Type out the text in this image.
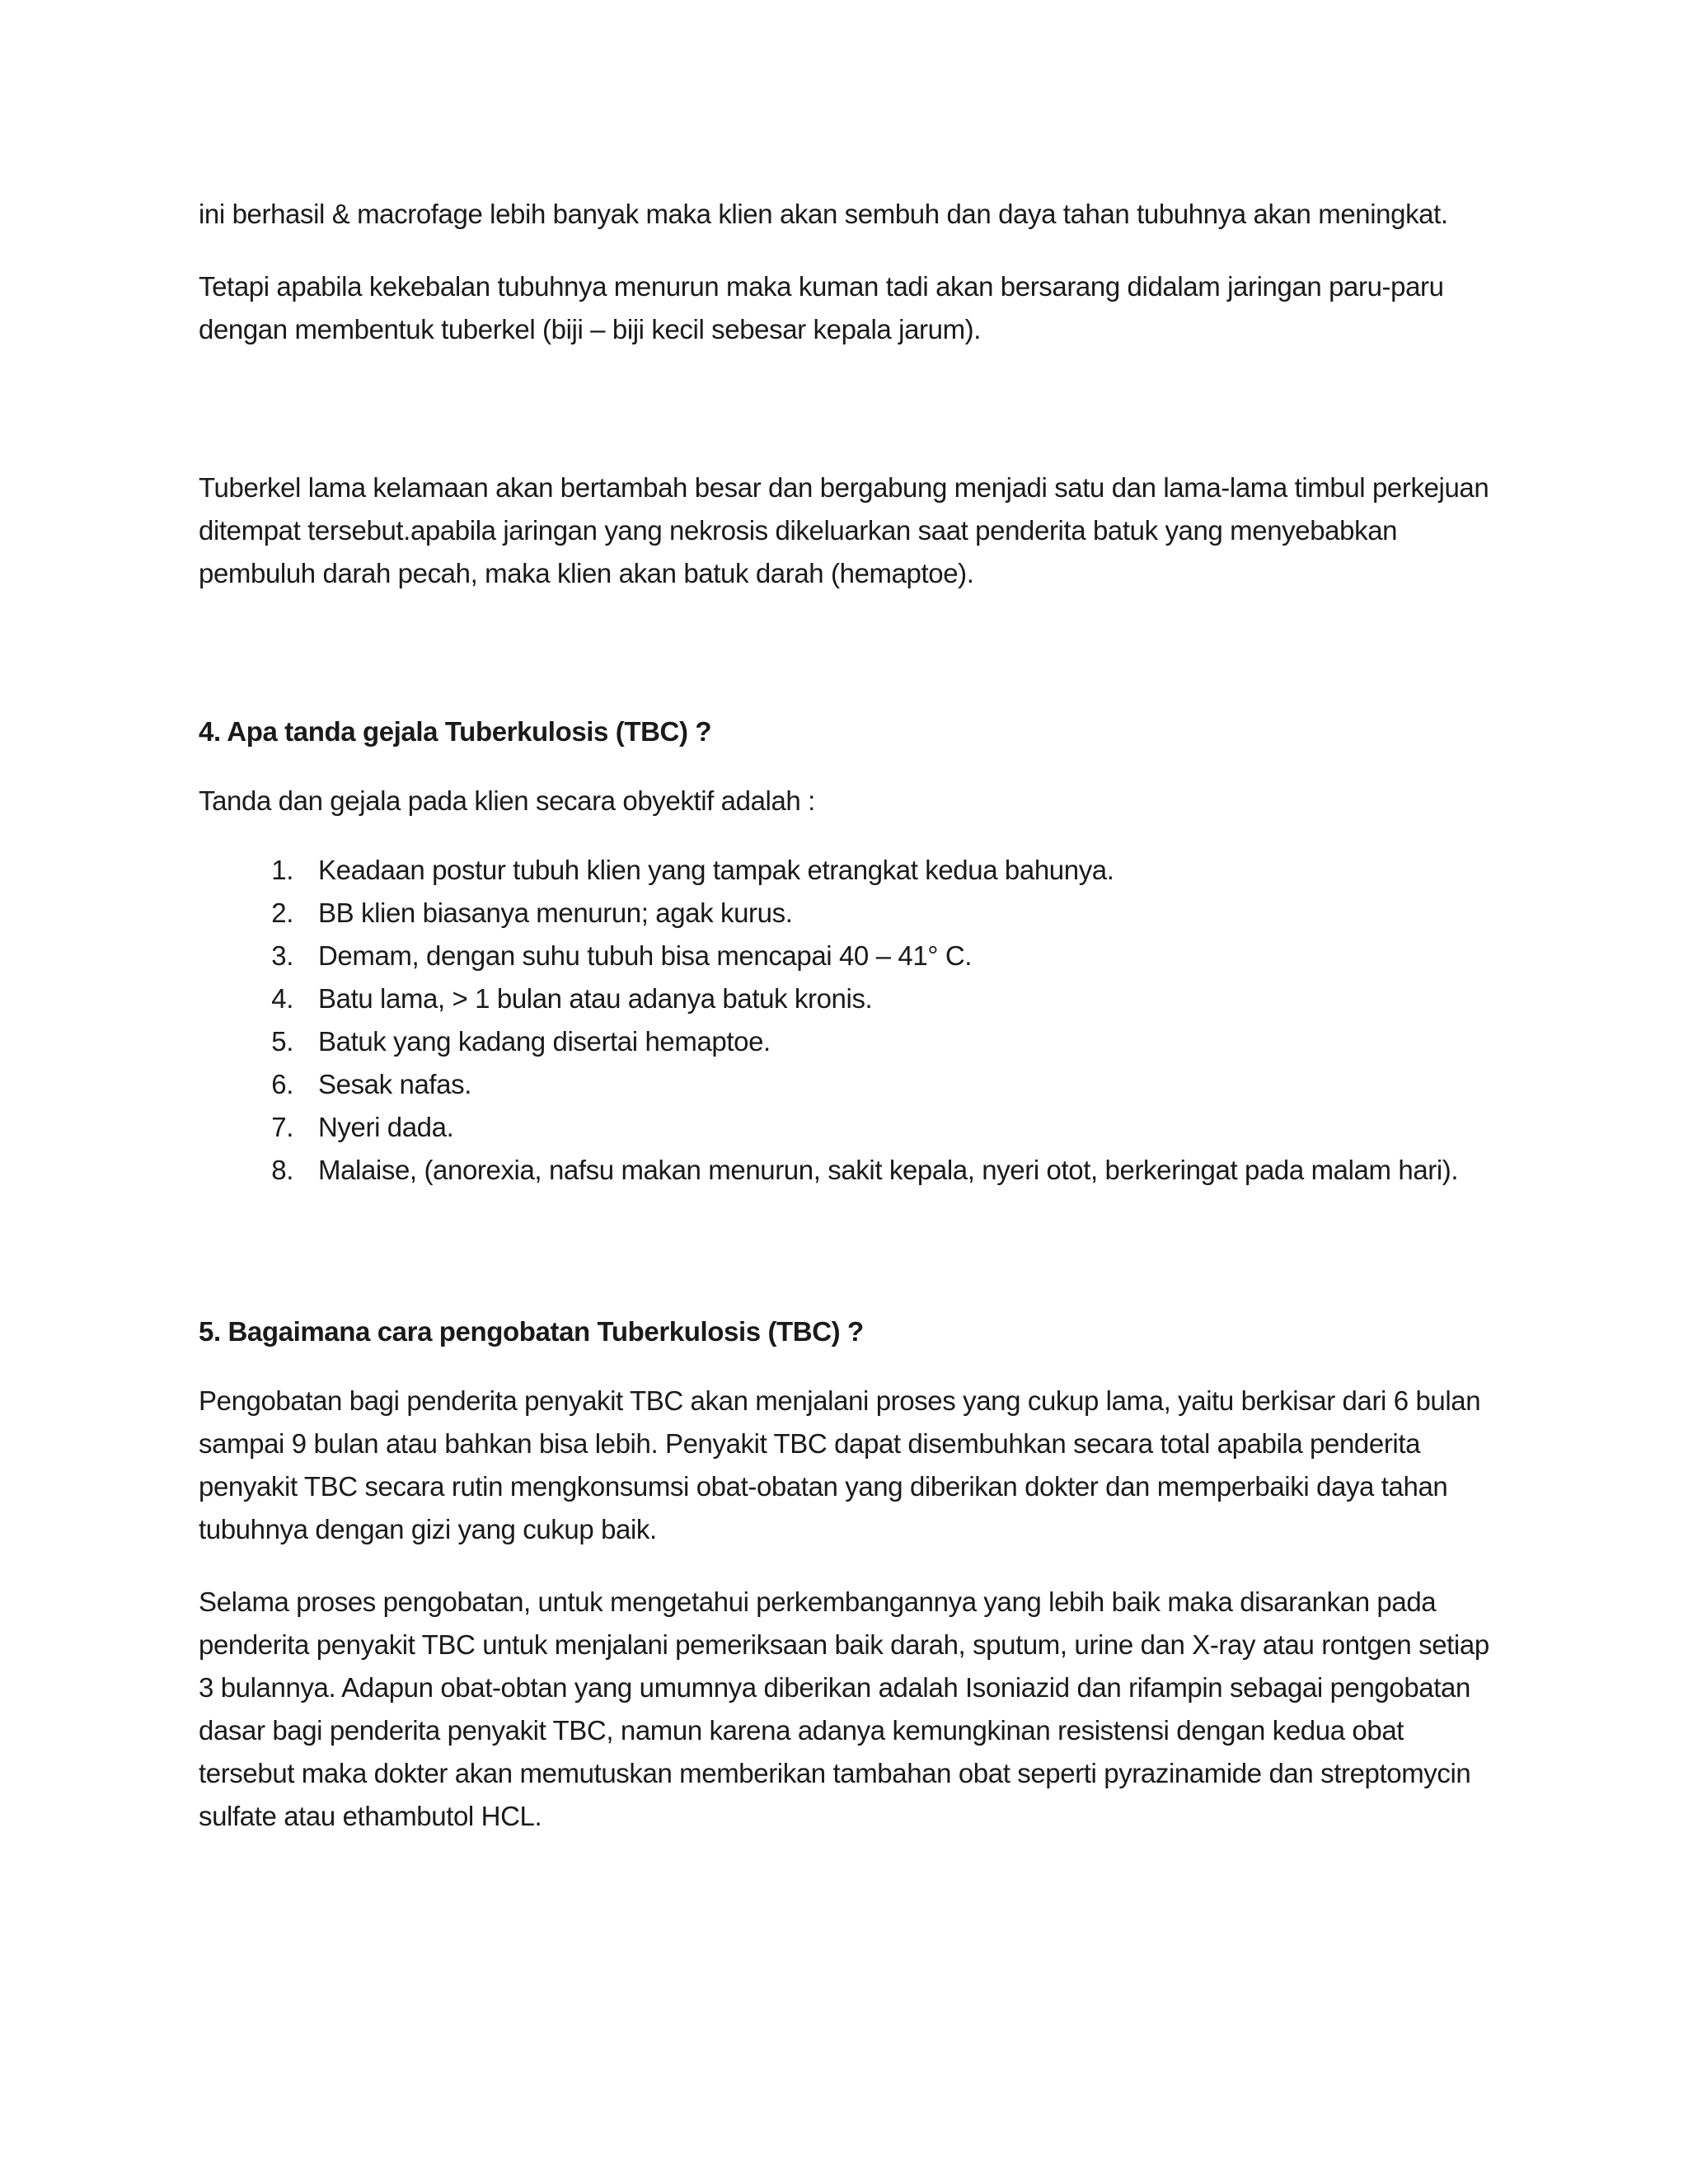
ini berhasil & macrofage lebih banyak maka klien akan sembuh dan daya tahan tubuhnya akan meningkat.

Tetapi apabila kekebalan tubuhnya menurun maka kuman tadi akan bersarang didalam jaringan paru-paru dengan membentuk tuberkel (biji – biji kecil sebesar kepala jarum).

Tuberkel lama kelamaan akan bertambah besar dan bergabung menjadi satu dan lama-lama timbul perkejuan ditempat tersebut.apabila jaringan yang nekrosis dikeluarkan saat penderita batuk yang menyebabkan pembuluh darah pecah, maka klien akan batuk darah (hemaptoe).

4. Apa tanda gejala Tuberkulosis (TBC) ?

Tanda dan gejala pada klien secara obyektif adalah :

1. Keadaan postur tubuh klien yang tampak etrangkat kedua bahunya.
2. BB klien biasanya menurun; agak kurus.
3. Demam, dengan suhu tubuh bisa mencapai 40 – 41° C.
4. Batu lama, > 1 bulan atau adanya batuk kronis.
5. Batuk yang kadang disertai hemaptoe.
6. Sesak nafas.
7. Nyeri dada.
8. Malaise, (anorexia, nafsu makan menurun, sakit kepala, nyeri otot, berkeringat pada malam hari).

5. Bagaimana cara pengobatan Tuberkulosis (TBC) ?

Pengobatan bagi penderita penyakit TBC akan menjalani proses yang cukup lama, yaitu berkisar dari 6 bulan sampai 9 bulan atau bahkan bisa lebih. Penyakit TBC dapat disembuhkan secara total apabila penderita penyakit TBC secara rutin mengkonsumsi obat-obatan yang diberikan dokter dan memperbaiki daya tahan tubuhnya dengan gizi yang cukup baik.

Selama proses pengobatan, untuk mengetahui perkembangannya yang lebih baik maka disarankan pada penderita penyakit TBC untuk menjalani pemeriksaan baik darah, sputum, urine dan X-ray atau rontgen setiap 3 bulannya. Adapun obat-obtan yang umumnya diberikan adalah Isoniazid dan rifampin sebagai pengobatan dasar bagi penderita penyakit TBC, namun karena adanya kemungkinan resistensi dengan kedua obat tersebut maka dokter akan memutuskan memberikan tambahan obat seperti pyrazinamide dan streptomycin sulfate atau ethambutol HCL.
